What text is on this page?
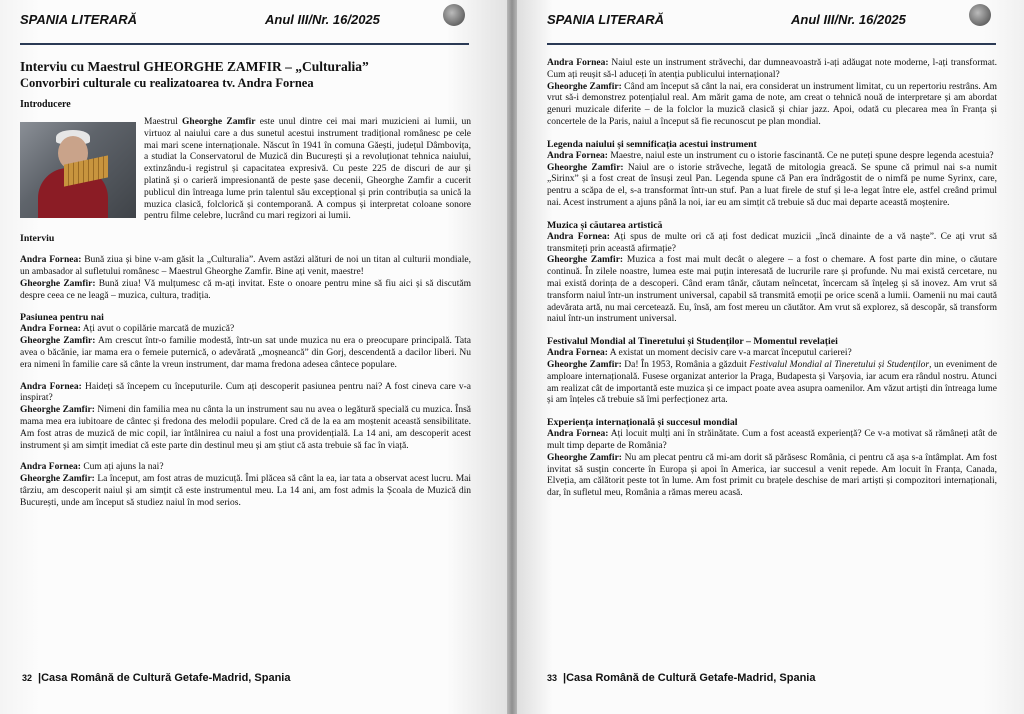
SPANIA LITERARĂ	Anul III/Nr. 16/2025

Interviu cu Maestrul GHEORGHE ZAMFIR – „Culturalia”

Convorbiri culturale cu realizatoarea tv. Andra Fornea

Introducere

Maestrul Gheorghe Zamfir este unul dintre cei mai mari muzicieni ai lumii, un virtuoz al naiului care a dus sunetul acestui instrument tradițional românesc pe cele mai mari scene internaționale. Născut în 1941 în comuna Găești, județul Dâmbovița, a studiat la Conservatorul de Muzică din București și a revoluționat tehnica naiului, extinzându-i registrul și capacitatea expresivă. Cu peste 225 de discuri de aur și platină și o carieră impresionantă de peste șase decenii, Gheorghe Zamfir a cucerit publicul din întreaga lume prin talentul său excepțional și prin contribuția sa unică la muzica clasică, folclorică și contemporană. A compus și interpretat coloane sonore pentru filme celebre, lucrând cu mari regizori ai lumii.

Interviu

Andra Fornea: Bună ziua și bine v-am găsit la „Culturalia”. Avem astăzi alături de noi un titan al culturii mondiale, un ambasador al sufletului românesc – Maestrul Gheorghe Zamfir. Bine ați venit, maestre!

Gheorghe Zamfir: Bună ziua! Vă mulțumesc că m-ați invitat. Este o onoare pentru mine să fiu aici și să discutăm despre ceea ce ne leagă – muzica, cultura, tradiția.

Pasiunea pentru nai

Andra Fornea: Ați avut o copilărie marcată de muzică?

Gheorghe Zamfir: Am crescut într-o familie modestă, într-un sat unde muzica nu era o preocupare principală. Tata avea o băcănie, iar mama era o femeie puternică, o adevărată „moșneancă” din Gorj, descendentă a dacilor liberi. Nu era nimeni în familie care să cânte la vreun instrument, dar mama fredona adesea cântece populare.

Andra Fornea: Haideți să începem cu începuturile. Cum ați descoperit pasiunea pentru nai? A fost cineva care v-a inspirat?

Gheorghe Zamfir: Nimeni din familia mea nu cânta la un instrument sau nu avea o legătură specială cu muzica. Însă mama mea era iubitoare de cântec și fredona des melodii populare. Cred că de la ea am moștenit această sensibilitate. Am fost atras de muzică de mic copil, iar întâlnirea cu naiul a fost una providențială. La 14 ani, am descoperit acest instrument și am simțit imediat că este parte din destinul meu și am știut că asta trebuie să fac în viață.

Andra Fornea: Cum ați ajuns la nai?

Gheorghe Zamfir: La început, am fost atras de muzicuță. Îmi plăcea să cânt la ea, iar tata a observat acest lucru. Mai târziu, am descoperit naiul și am simțit că este instrumentul meu. La 14 ani, am fost admis la Școala de Muzică din București, unde am început să studiez naiul în mod serios.

32 |Casa Română de Cultură Getafe-Madrid, Spania
SPANIA LITERARĂ	Anul III/Nr. 16/2025

Andra Fornea: Naiul este un instrument străvechi, dar dumneavoastră i-ați adăugat note moderne, l-ați transformat. Cum ați reușit să-l aduceți în atenția publicului internațional?

Gheorghe Zamfir: Când am început să cânt la nai, era considerat un instrument limitat, cu un repertoriu restrâns. Am vrut să-i demonstrez potențialul real. Am mărit gama de note, am creat o tehnică nouă de interpretare și am abordat genuri muzicale diferite – de la folclor la muzică clasică și chiar jazz. Apoi, odată cu plecarea mea în Franța și concertele de la Paris, naiul a început să fie recunoscut pe plan mondial.

Legenda naiului și semnificația acestui instrument

Andra Fornea: Maestre, naiul este un instrument cu o istorie fascinantă. Ce ne puteți spune despre legenda acestuia?

Gheorghe Zamfir: Naiul are o istorie străveche, legată de mitologia greacă. Se spune că primul nai s-a numit „Sirinx” și a fost creat de însuși zeul Pan. Legenda spune că Pan era îndrăgostit de o nimfă pe nume Syrinx, care, pentru a scăpa de el, s-a transformat într-un stuf. Pan a luat firele de stuf și le-a legat între ele, astfel creând primul nai. Acest instrument a ajuns până la noi, iar eu am simțit că trebuie să duc mai departe această moștenire.

Muzica și căutarea artistică

Andra Fornea: Ați spus de multe ori că ați fost dedicat muzicii „încă dinainte de a vă naște”. Ce ați vrut să transmiteți prin această afirmație?

Gheorghe Zamfir: Muzica a fost mai mult decât o alegere – a fost o chemare. A fost parte din mine, o căutare continuă. În zilele noastre, lumea este mai puțin interesată de lucrurile rare și profunde. Nu mai există cercetare, nu mai există dorința de a descoperi. Când eram tânăr, căutam neîncetat, încercam să înțeleg și să inovez. Am vrut să transform naiul într-un instrument universal, capabil să transmită emoții pe orice scenă a lumii. Oamenii nu mai caută adevărata artă, nu mai cercetează. Eu, însă, am fost mereu un căutător. Am vrut să explorez, să descopăr, să transform naiul într-un instrument universal.

Festivalul Mondial al Tineretului și Studenților – Momentul revelației

Andra Fornea: A existat un moment decisiv care v-a marcat începutul carierei?

Gheorghe Zamfir: Da! În 1953, România a găzduit Festivalul Mondial al Tineretului și Studenților, un eveniment de amploare internațională. Fusese organizat anterior la Praga, Budapesta și Varșovia, iar acum era rândul nostru. Atunci am realizat cât de importantă este muzica și ce impact poate avea asupra oamenilor. Am văzut artiști din întreaga lume și am înțeles că trebuie să îmi perfecționez arta.

Experiența internațională și succesul mondial

Andra Fornea: Ați locuit mulți ani în străinătate. Cum a fost această experiență? Ce v-a motivat să rămâneți atât de mult timp departe de România?

Gheorghe Zamfir: Nu am plecat pentru că mi-am dorit să părăsesc România, ci pentru că așa s-a întâmplat. Am fost invitat să susțin concerte în Europa și apoi în America, iar succesul a venit repede. Am locuit în Franța, Canada, Elveția, am călătorit peste tot în lume. Am fost primit cu brațele deschise de mari artiști și compozitori internaționali, dar, în sufletul meu, România a rămas mereu acasă.

33 |Casa Română de Cultură Getafe-Madrid, Spania
